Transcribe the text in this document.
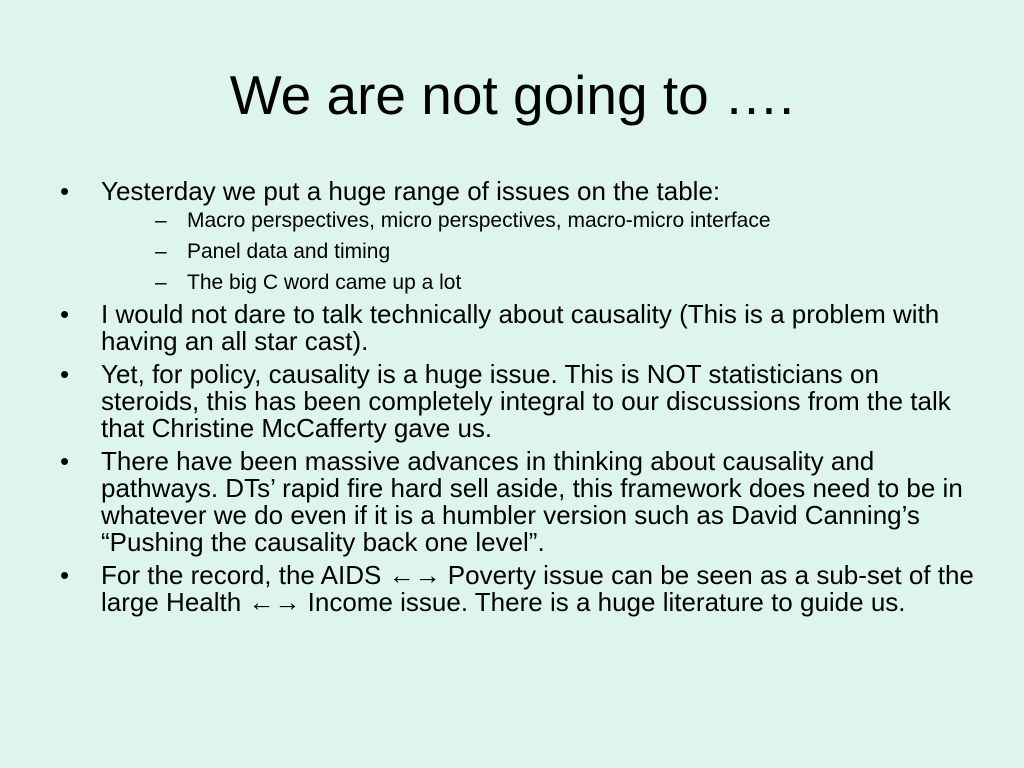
We are not going to ….
• Yesterday we put a huge range of issues on the table:
– Macro perspectives, micro perspectives, macro-micro interface
– Panel data and timing
– The big C word came up a lot
• I would not dare to talk technically about causality (This is a problem with having an all star cast).
• Yet, for policy, causality is a huge issue. This is NOT statisticians on steroids, this has been completely integral to our discussions from the talk that Christine McCafferty gave us.
• There have been massive advances in thinking about causality and pathways. DTs’ rapid fire hard sell aside, this framework does need to be in whatever we do even if it is a humbler version such as David Canning’s “Pushing the causality back one level”.
• For the record, the AIDS ←→ Poverty issue can be seen as a sub-set of the large Health ←→ Income issue. There is a huge literature to guide us.
